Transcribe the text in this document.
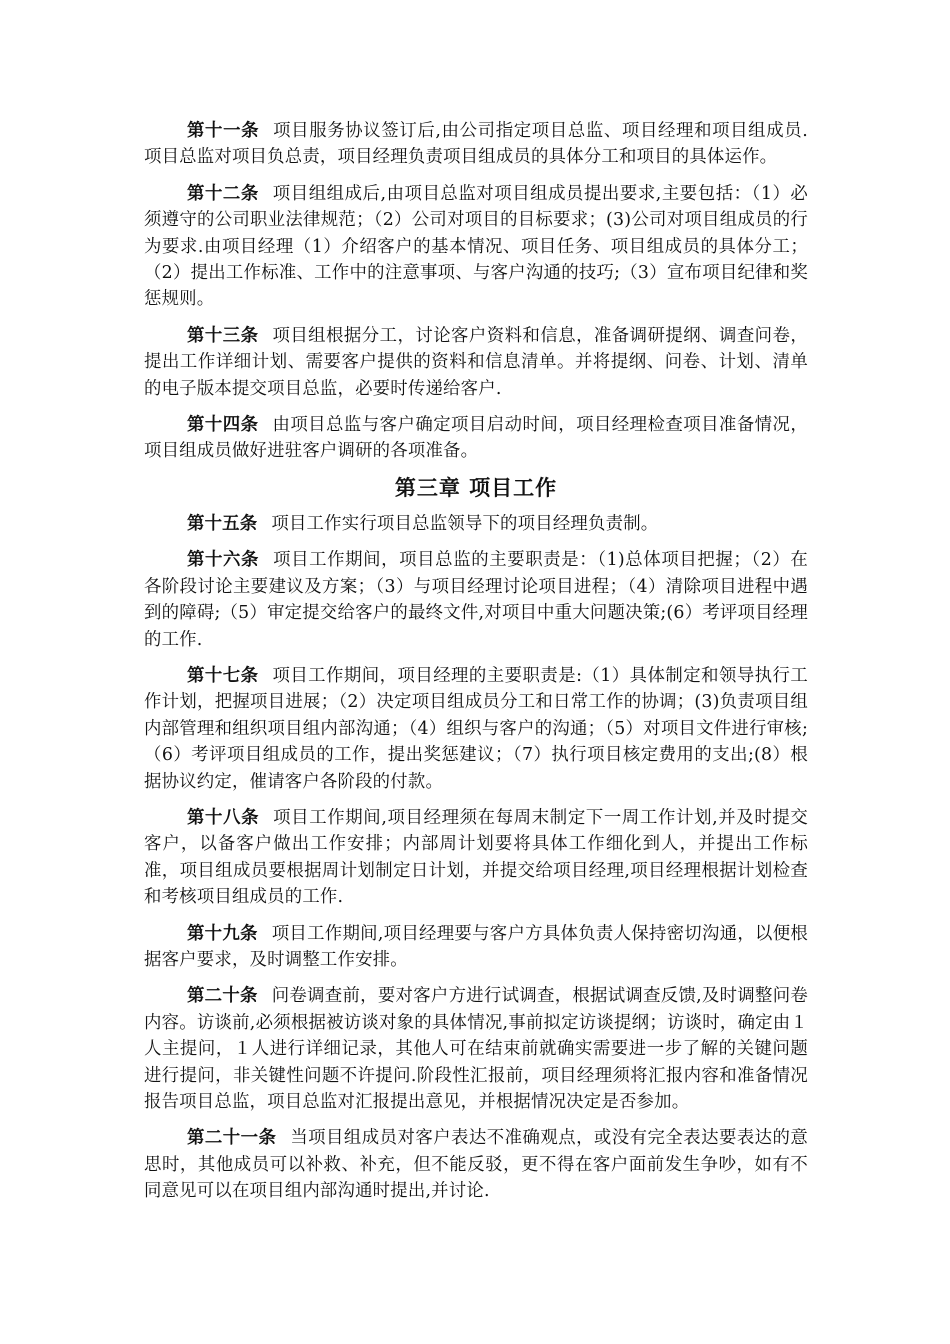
第十一条 项目服务协议签订后,由公司指定项目总监、项目经理和项目组成员.项目总监对项目负总责，项目经理负责项目组成员的具体分工和项目的具体运作。

第十二条 项目组组成后,由项目总监对项目组成员提出要求,主要包括：（1）必须遵守的公司职业法律规范；（2）公司对项目的目标要求；(3)公司对项目组成员的行为要求.由项目经理（1）介绍客户的基本情况、项目任务、项目组成员的具体分工；（2）提出工作标准、工作中的注意事项、与客户沟通的技巧;（3）宣布项目纪律和奖惩规则。

第十三条 项目组根据分工，讨论客户资料和信息，准备调研提纲、调查问卷，提出工作详细计划、需要客户提供的资料和信息清单。并将提纲、问卷、计划、清单的电子版本提交项目总监，必要时传递给客户.

第十四条 由项目总监与客户确定项目启动时间，项目经理检查项目准备情况，项目组成员做好进驻客户调研的各项准备。

第三章 项目工作

第十五条 项目工作实行项目总监领导下的项目经理负责制。

第十六条 项目工作期间，项目总监的主要职责是：（1)总体项目把握；（2）在各阶段讨论主要建议及方案；（3）与项目经理讨论项目进程；（4）清除项目进程中遇到的障碍;（5）审定提交给客户的最终文件,对项目中重大问题决策;(6）考评项目经理的工作.

第十七条 项目工作期间，项目经理的主要职责是:（1）具体制定和领导执行工作计划，把握项目进展；（2）决定项目组成员分工和日常工作的协调；(3)负责项目组内部管理和组织项目组内部沟通；（4）组织与客户的沟通；（5）对项目文件进行审核;（6）考评项目组成员的工作，提出奖惩建议；（7）执行项目核定费用的支出;(8）根据协议约定，催请客户各阶段的付款。

第十八条 项目工作期间,项目经理须在每周末制定下一周工作计划,并及时提交客户，以备客户做出工作安排；内部周计划要将具体工作细化到人，并提出工作标准，项目组成员要根据周计划制定日计划，并提交给项目经理,项目经理根据计划检查和考核项目组成员的工作.

第十九条 项目工作期间,项目经理要与客户方具体负责人保持密切沟通，以便根据客户要求，及时调整工作安排。

第二十条 问卷调查前，要对客户方进行试调查，根据试调查反馈,及时调整问卷内容。访谈前,必须根据被访谈对象的具体情况,事前拟定访谈提纲；访谈时，确定由１人主提问，１人进行详细记录，其他人可在结束前就确实需要进一步了解的关键问题进行提问，非关键性问题不许提问.阶段性汇报前，项目经理须将汇报内容和准备情况报告项目总监，项目总监对汇报提出意见，并根据情况决定是否参加。

第二十一条 当项目组成员对客户表达不准确观点，或没有完全表达要表达的意思时，其他成员可以补救、补充，但不能反驳，更不得在客户面前发生争吵，如有不同意见可以在项目组内部沟通时提出,并讨论.
